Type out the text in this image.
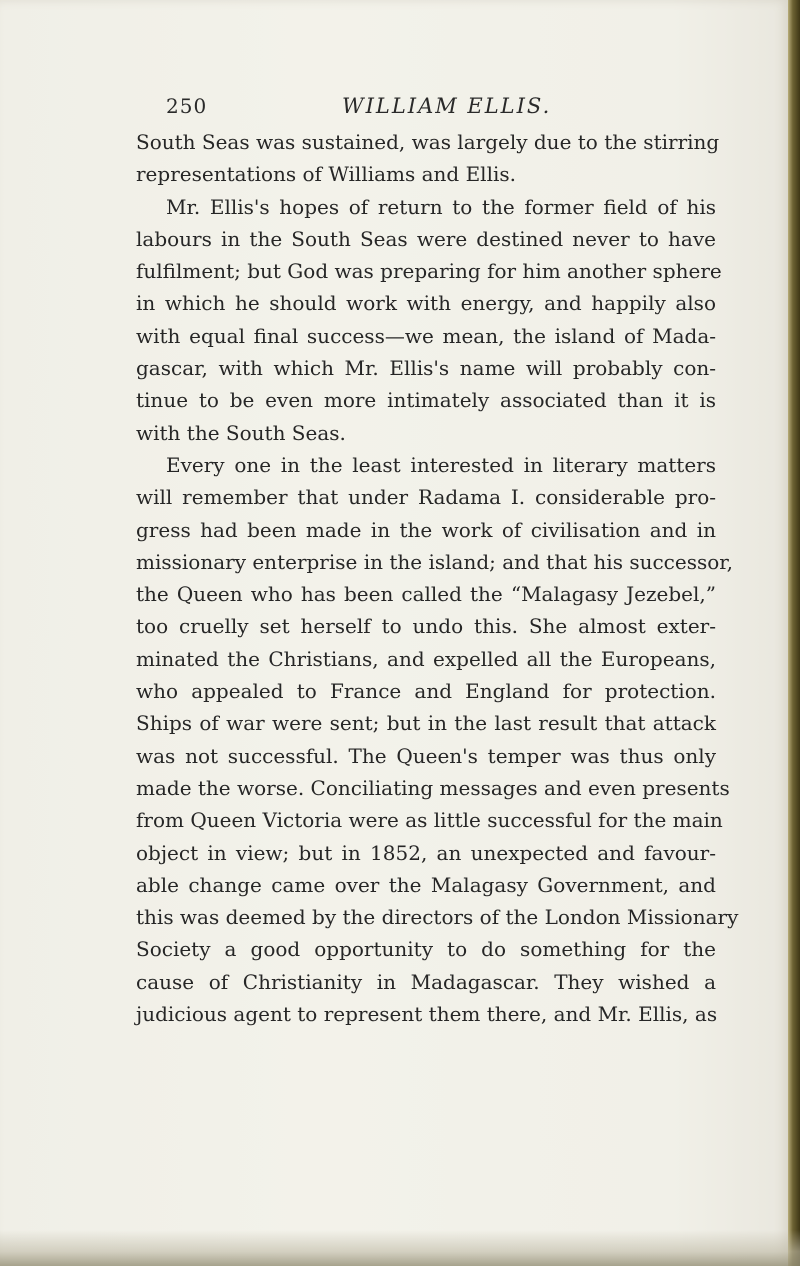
250	WILLIAM ELLIS.
South Seas was sustained, was largely due to the stirring
representations of Williams and Ellis.
Mr. Ellis's hopes of return to the former field of his
labours in the South Seas were destined never to have
fulfilment; but God was preparing for him another sphere
in which he should work with energy, and happily also
with equal final success—we mean, the island of Mada-
gascar, with which Mr. Ellis's name will probably con-
tinue to be even more intimately associated than it is
with the South Seas.
Every one in the least interested in literary matters
will remember that under Radama I. considerable pro-
gress had been made in the work of civilisation and in
missionary enterprise in the island; and that his successor,
the Queen who has been called the “Malagasy Jezebel,”
too cruelly set herself to undo this. She almost exter-
minated the Christians, and expelled all the Europeans,
who appealed to France and England for protection.
Ships of war were sent; but in the last result that attack
was not successful. The Queen's temper was thus only
made the worse. Conciliating messages and even presents
from Queen Victoria were as little successful for the main
object in view; but in 1852, an unexpected and favour-
able change came over the Malagasy Government, and
this was deemed by the directors of the London Missionary
Society a good opportunity to do something for the
cause of Christianity in Madagascar. They wished a
judicious agent to represent them there, and Mr. Ellis, as
